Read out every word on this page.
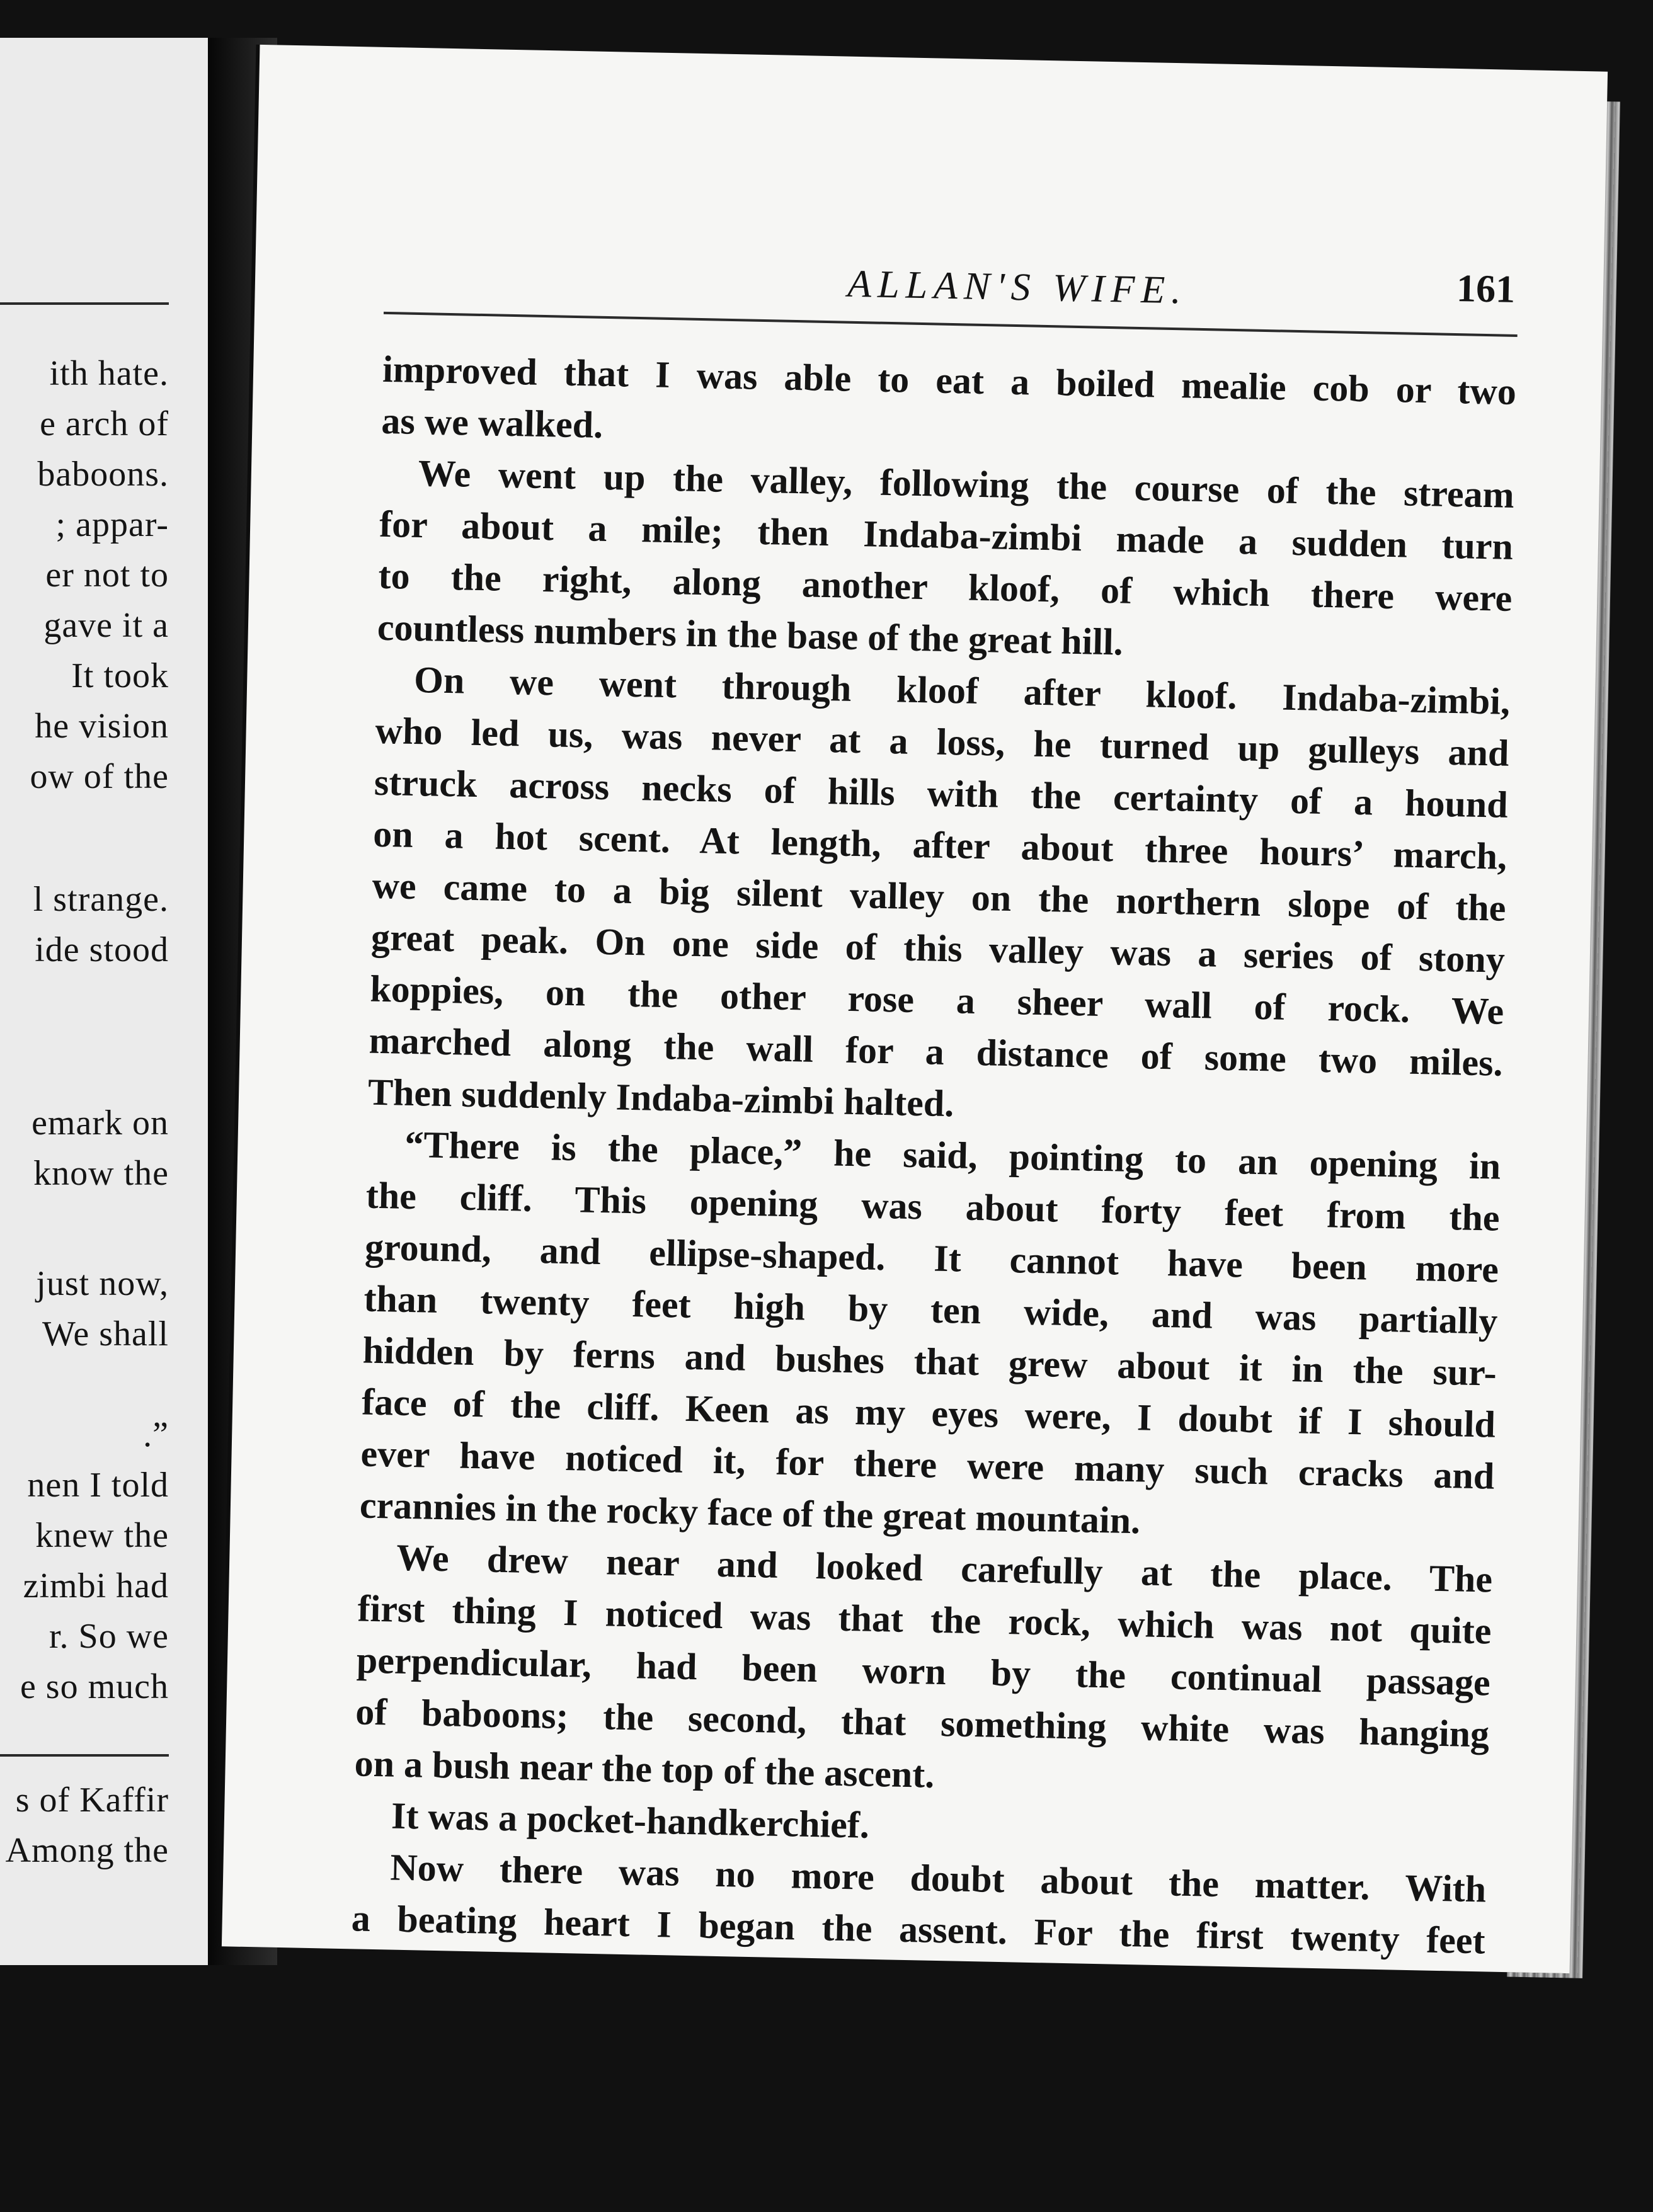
ith hate.
e arch of
baboons.
; appar-
er not to
gave it a
It took
he vision
ow of the
l strange.
ide stood
emark on
know the
just now,
We shall
.”
nen I told
knew the
zimbi had
r. So we
e so much
s of Kaffir
Among the
ALLAN'S WIFE.	161
improved that I was able to eat a boiled mealie cob or two
as we walked.
We went up the valley, following the course of the stream
for about a mile; then Indaba-zimbi made a sudden turn
to the right, along another kloof, of which there were
countless numbers in the base of the great hill.
On we went through kloof after kloof. Indaba-zimbi,
who led us, was never at a loss, he turned up gulleys and
struck across necks of hills with the certainty of a hound
on a hot scent. At length, after about three hours’ march,
we came to a big silent valley on the northern slope of the
great peak. On one side of this valley was a series of stony
koppies, on the other rose a sheer wall of rock. We
marched along the wall for a distance of some two miles.
Then suddenly Indaba-zimbi halted.
“There is the place,” he said, pointing to an opening in
the cliff. This opening was about forty feet from the
ground, and ellipse-shaped. It cannot have been more
than twenty feet high by ten wide, and was partially
hidden by ferns and bushes that grew about it in the sur-
face of the cliff. Keen as my eyes were, I doubt if I should
ever have noticed it, for there were many such cracks and
crannies in the rocky face of the great mountain.
We drew near and looked carefully at the place. The
first thing I noticed was that the rock, which was not quite
perpendicular, had been worn by the continual passage
of baboons; the second, that something white was hanging
on a bush near the top of the ascent.
It was a pocket-handkerchief.
Now there was no more doubt about the matter. With
a beating heart I began the assent. For the first twenty feet
